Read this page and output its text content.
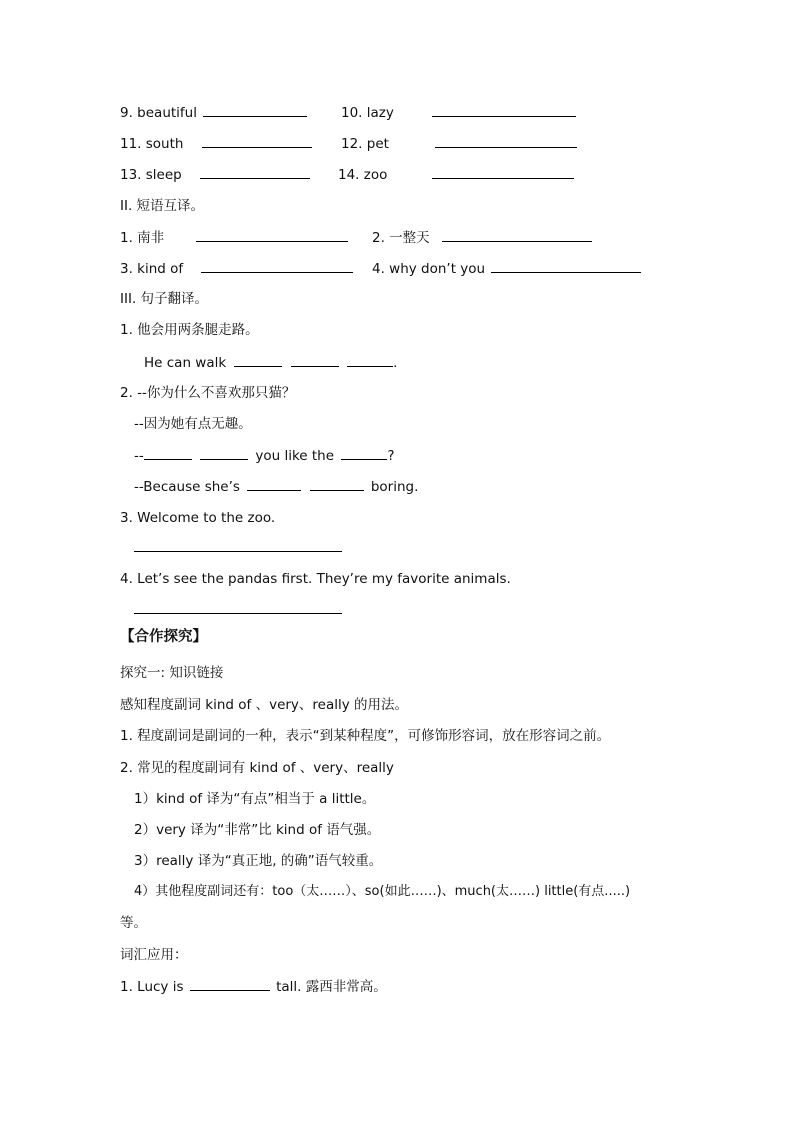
9. beautiful	10. lazy
11. south	12. pet
13. sleep	14. zoo
II. 短语互译。
1. 南非	2. 一整天
3. kind of	4. why don’t you
III. 句子翻译。
1. 他会用两条腿走路。
He can walk	.
2. --你为什么不喜欢那只猫？
--因为她有点无趣。
--	you like the	?
--Because she’s	boring.
3. Welcome to the zoo.
4. Let’s see the pandas first. They’re my favorite animals.
【合作探究】
探究一: 知识链接
感知程度副词 kind of 、very、really 的用法。
1. 程度副词是副词的一种，表示“到某种程度”，可修饰形容词，放在形容词之前。
2. 常见的程度副词有 kind of 、very、really
1）kind of 译为“有点”相当于 a little。
2）very 译为“非常”比 kind of 语气强。
3）really 译为“真正地, 的确”语气较重。
4）其他程度副词还有：too（太……）、so(如此……)、much(太……) little(有点.....)
等。
词汇应用：
1. Lucy is	tall. 露西非常高。
